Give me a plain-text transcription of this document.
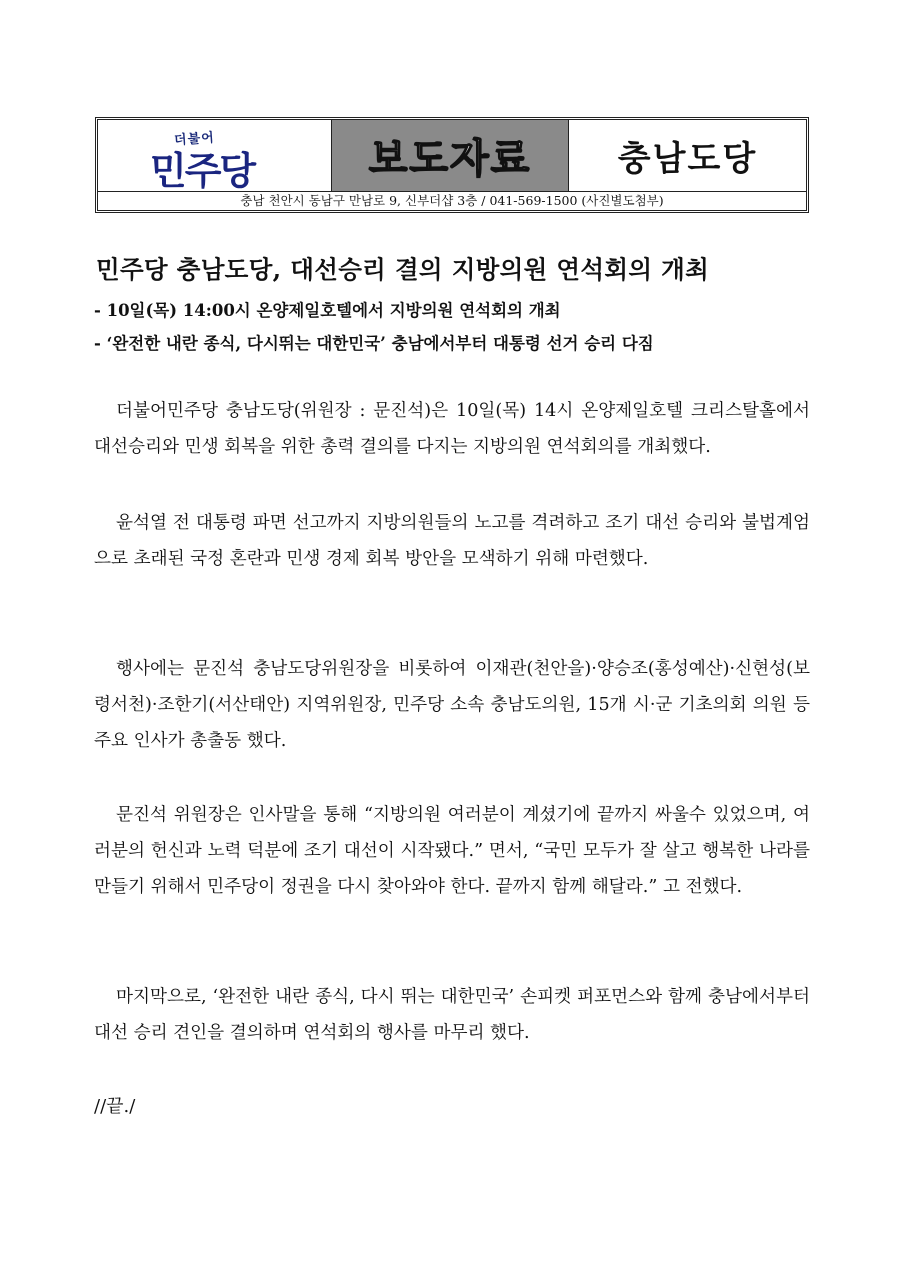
더불어
민주당	보도자료	충남도당
충남 천안시 동남구 만남로 9, 신부더샵 3층 / 041-569-1500 (사진별도첨부)
민주당 충남도당, 대선승리 결의 지방의원 연석회의 개최
- 10일(목) 14:00시 온양제일호텔에서 지방의원 연석회의 개최
- ‘완전한 내란 종식, 다시뛰는 대한민국’ 충남에서부터 대통령 선거 승리 다짐
더불어민주당 충남도당(위원장 : 문진석)은 10일(목) 14시 온양제일호텔 크리스탈홀에서 대선승리와 민생 회복을 위한 총력 결의를 다지는 지방의원 연석회의를 개최했다.
윤석열 전 대통령 파면 선고까지 지방의원들의 노고를 격려하고 조기 대선 승리와 불법계엄으로 초래된 국정 혼란과 민생 경제 회복 방안을 모색하기 위해 마련했다.
행사에는 문진석 충남도당위원장을 비롯하여 이재관(천안을)·양승조(홍성예산)·신현성(보령서천)·조한기(서산태안) 지역위원장, 민주당 소속 충남도의원, 15개 시·군 기초의회 의원 등 주요 인사가 총출동 했다.
문진석 위원장은 인사말을 통해 “지방의원 여러분이 계셨기에 끝까지 싸울수 있었으며, 여러분의 헌신과 노력 덕분에 조기 대선이 시작됐다.” 면서, “국민 모두가 잘 살고 행복한 나라를 만들기 위해서 민주당이 정권을 다시 찾아와야 한다. 끝까지 함께 해달라.” 고 전했다.
마지막으로, ‘완전한 내란 종식, 다시 뛰는 대한민국’ 손피켓 퍼포먼스와 함께 충남에서부터 대선 승리 견인을 결의하며 연석회의 행사를 마무리 했다.
//끝./
